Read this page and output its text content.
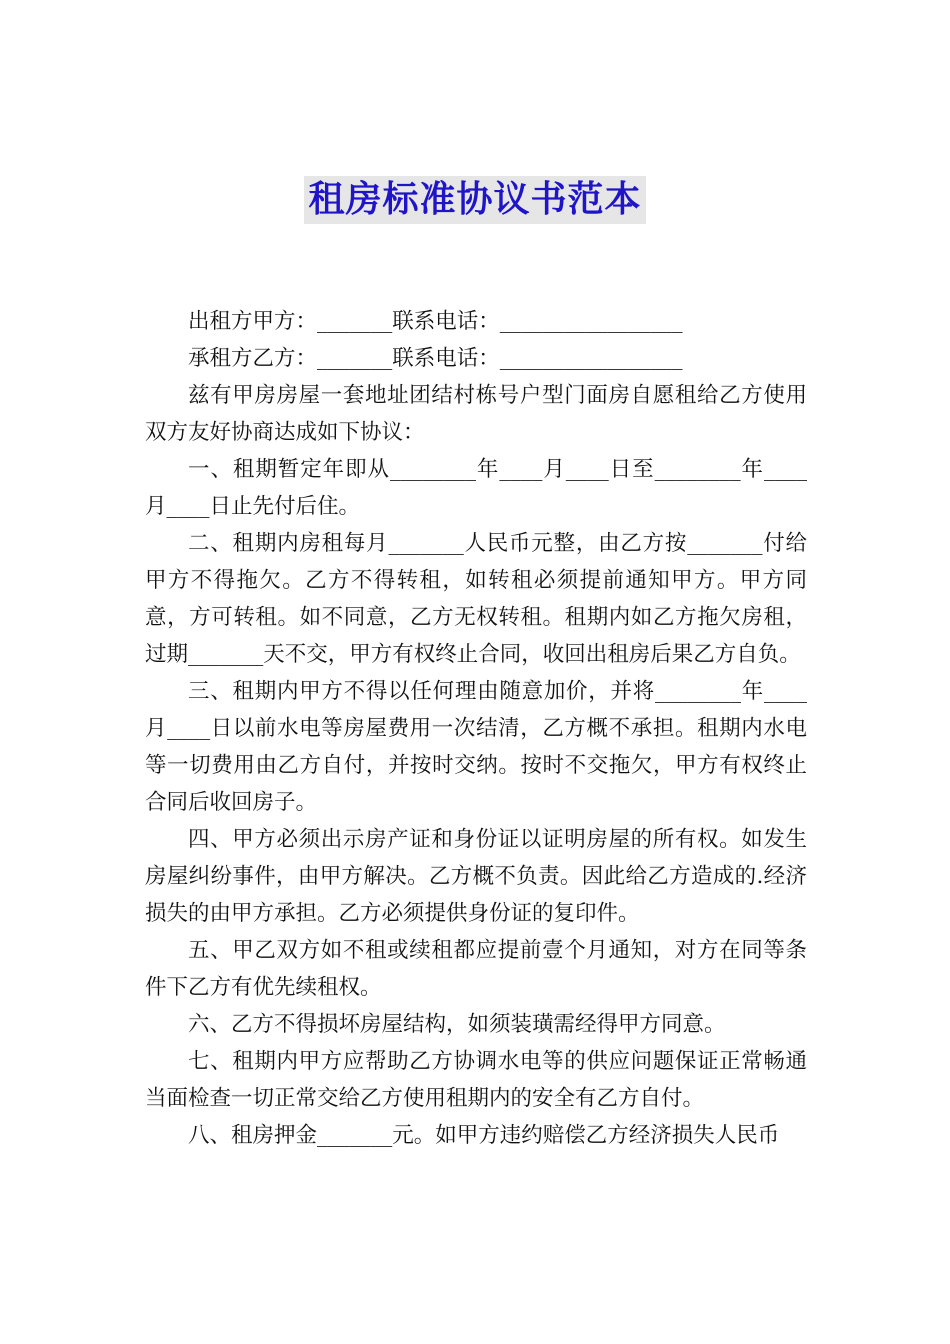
租房标准协议书范本

出租方甲方：_______联系电话：_________________

承租方乙方：_______联系电话：_________________

兹有甲房房屋一套地址团结村栋号户型门面房自愿租给乙方使用双方友好协商达成如下协议：

一、租期暂定年即从________年____月____日至________年____月____日止先付后住。

二、租期内房租每月_______人民币元整，由乙方按_______付给甲方不得拖欠。乙方不得转租，如转租必须提前通知甲方。甲方同意，方可转租。如不同意，乙方无权转租。租期内如乙方拖欠房租，过期_______天不交，甲方有权终止合同，收回出租房后果乙方自负。

三、租期内甲方不得以任何理由随意加价，并将________年____月____日以前水电等房屋费用一次结清，乙方概不承担。租期内水电等一切费用由乙方自付，并按时交纳。按时不交拖欠，甲方有权终止合同后收回房子。

四、甲方必须出示房产证和身份证以证明房屋的所有权。如发生房屋纠纷事件，由甲方解决。乙方概不负责。因此给乙方造成的.经济损失的由甲方承担。乙方必须提供身份证的复印件。

五、甲乙双方如不租或续租都应提前壹个月通知，对方在同等条件下乙方有优先续租权。

六、乙方不得损坏房屋结构，如须装璜需经得甲方同意。

七、租期内甲方应帮助乙方协调水电等的供应问题保证正常畅通当面检查一切正常交给乙方使用租期内的安全有乙方自付。

八、租房押金_______元。如甲方违约赔偿乙方经济损失人民币
